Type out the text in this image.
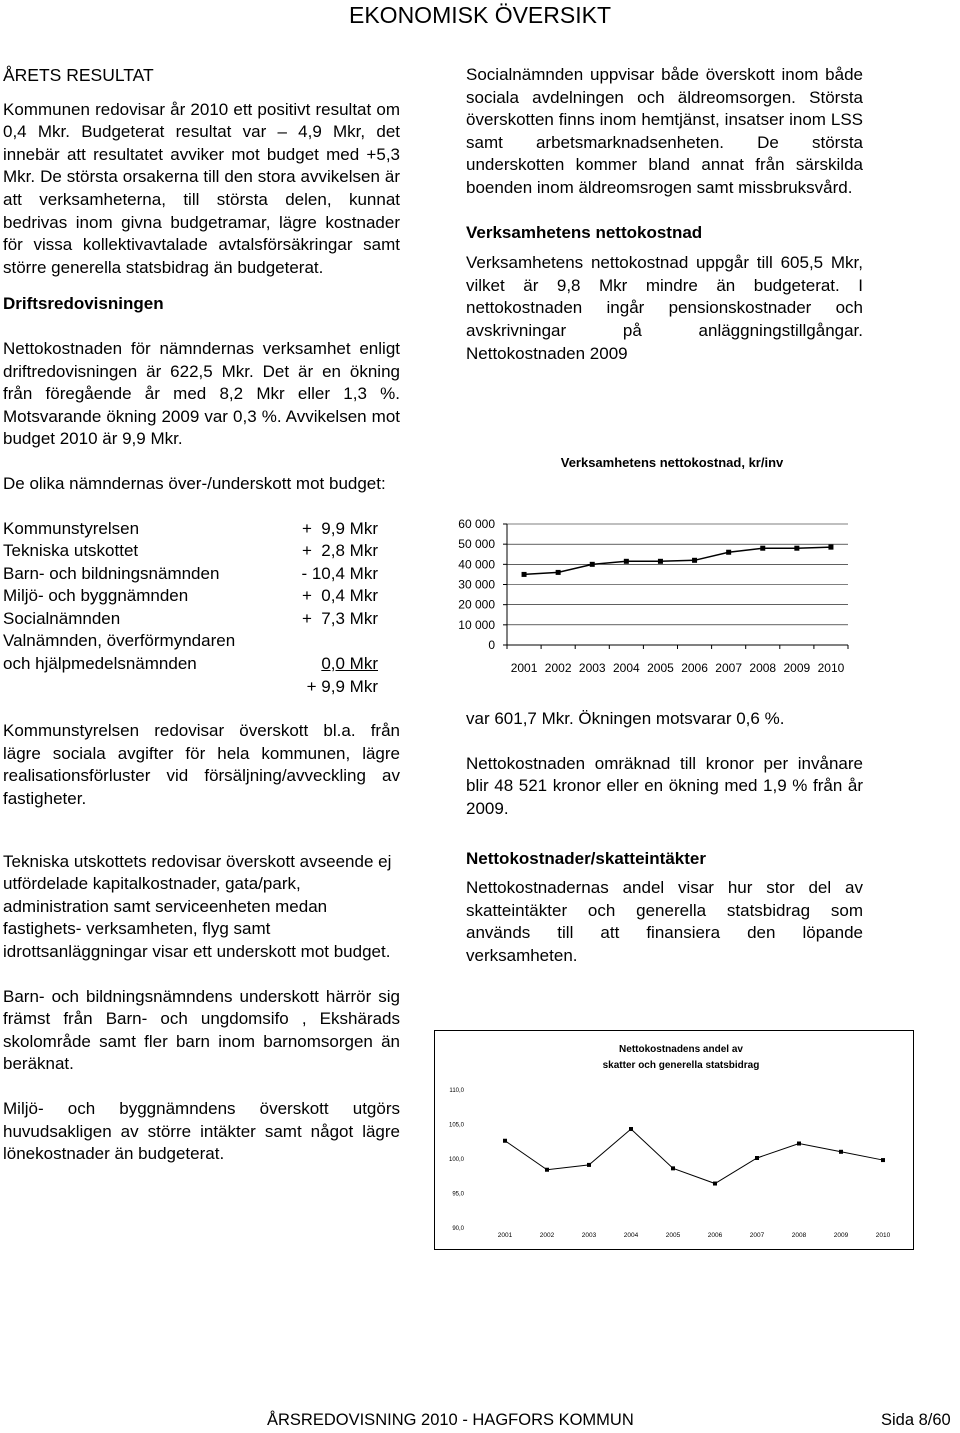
EKONOMISK ÖVERSIKT

ÅRETS RESULTAT

Kommunen redovisar år 2010 ett positivt resultat om 0,4 Mkr. Budgeterat resultat var – 4,9 Mkr, det innebär att resultatet avviker mot budget med +5,3 Mkr. De största orsakerna till den stora avvikelsen är att verksamheterna, till största delen, kunnat bedrivas inom givna budgetramar, lägre kostnader för vissa kollektivavtalade avtalsförsäkringar samt större generella statsbidrag än budgeterat.

Driftsredovisningen

Nettokostnaden för nämndernas verksamhet enligt driftredovisningen är 622,5 Mkr. Det är en ökning från föregående år med 8,2 Mkr eller 1,3 %. Motsvarande ökning 2009 var 0,3 %. Avvikelsen mot budget 2010 är 9,9 Mkr.

De olika nämndernas över-/underskott mot budget:

Kommunstyrelsen	+  9,9 Mkr
Tekniska utskottet	+  2,8 Mkr
Barn- och bildningsnämnden	- 10,4 Mkr
Miljö- och byggnämnden	+  0,4 Mkr
Socialnämnden	+  7,3 Mkr
Valnämnden, överförmyndaren
och hjälpmedelsnämnden	0,0 Mkr
+ 9,9 Mkr

Kommunstyrelsen redovisar överskott bl.a. från lägre sociala avgifter för hela kommunen, lägre realisationsförluster vid försäljning/avveckling av fastigheter.

Tekniska utskottets redovisar överskott avseende ej utfördelade kapitalkostnader, gata/park, administration samt serviceenheten medan fastighets- verksamheten, flyg samt idrottsanläggningar visar ett underskott mot budget.

Barn- och bildningsnämndens underskott härrör sig främst från Barn- och ungdomsifo , Ekshärads skolområde samt fler barn inom barnomsorgen än beräknat.

Miljö- och byggnämndens överskott utgörs huvudsakligen av större intäkter samt något lägre lönekostnader än budgeterat.

Socialnämnden uppvisar både överskott inom både sociala avdelningen och äldreomsorgen. Största överskotten finns inom hemtjänst, insatser inom LSS samt arbetsmarknadsenheten. De största underskotten kommer bland annat från särskilda boenden inom äldreomsrogen samt missbruksvård.

Verksamhetens nettokostnad

Verksamhetens nettokostnad uppgår till 605,5 Mkr, vilket är 9,8 Mkr mindre än budgeterat. I nettokostnaden ingår pensionskostnader och avskrivningar på anläggningstillgångar. Nettokostnaden 2009

Verksamhetens nettokostnad, kr/inv
0
10 000
20 000
30 000
40 000
50 000
60 000
2001 2002 2003 2004 2005 2006 2007 2008 2009 2010

var 601,7 Mkr. Ökningen motsvarar 0,6 %.

Nettokostnaden omräknad till kronor per invånare blir 48 521 kronor eller en ökning med 1,9 % från år 2009.

Nettokostnader/skatteintäkter

Nettokostnadernas andel visar hur stor del av skatteintäkter och generella statsbidrag som används till att finansiera den löpande verksamheten.

Nettokostnadens andel av
skatter och generella statsbidrag
90,0
95,0
100,0
105,0
110,0
2001	2002	2003	2004	2005	2006	2007	2008	2009	2010
ÅRSREDOVISNING 2010 - HAGFORS KOMMUN	Sida 8/60
